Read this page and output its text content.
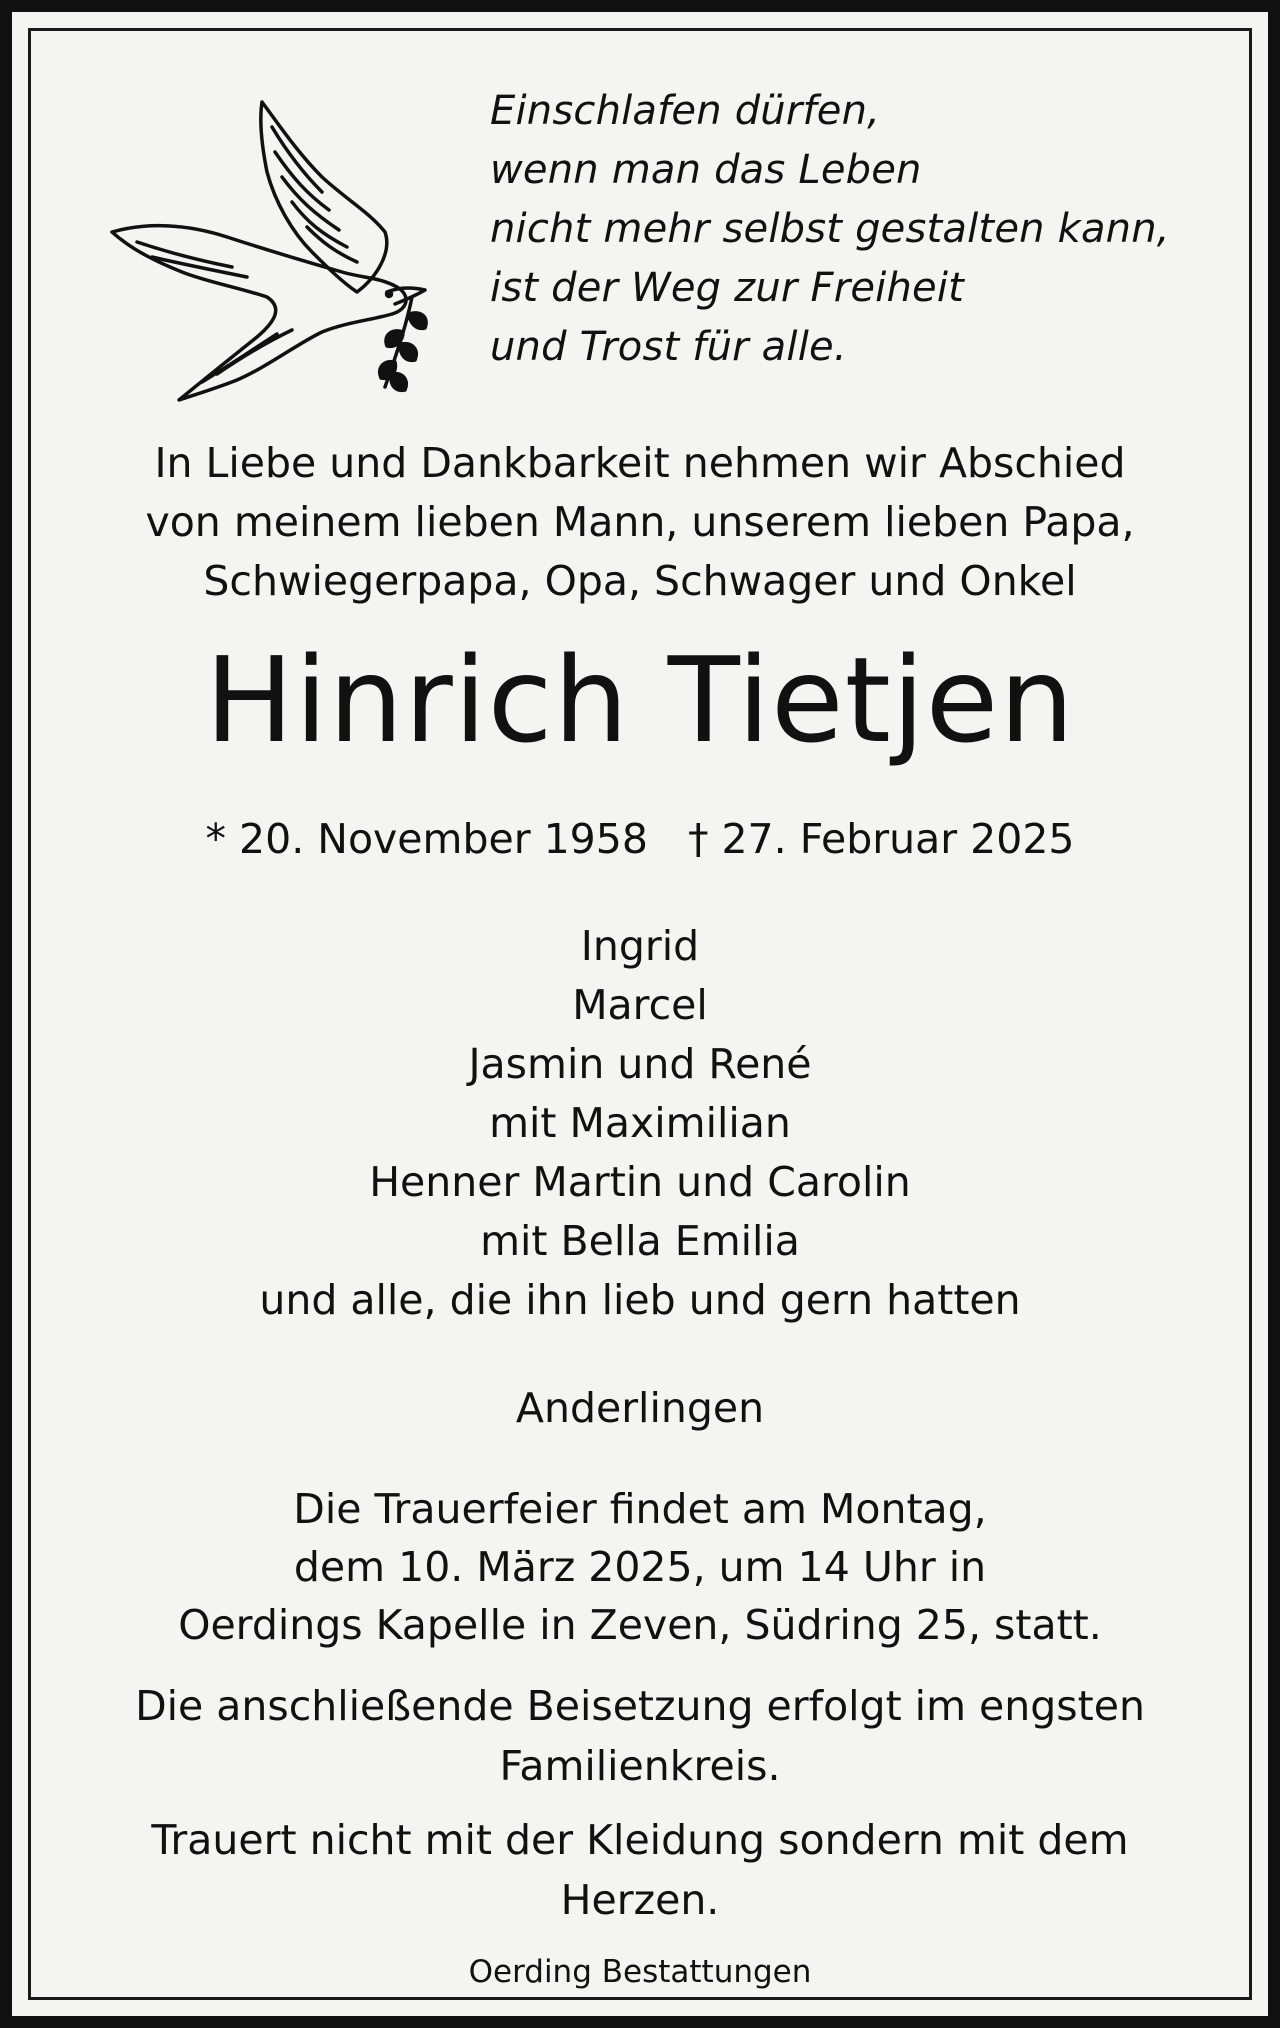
Einschlafen dürfen,
wenn man das Leben
nicht mehr selbst gestalten kann,
ist der Weg zur Freiheit
und Trost für alle.
In Liebe und Dankbarkeit nehmen wir Abschied
von meinem lieben Mann, unserem lieben Papa,
Schwiegerpapa, Opa, Schwager und Onkel
Hinrich Tietjen
* 20. November 1958 † 27. Februar 2025
Ingrid
Marcel
Jasmin und René
mit Maximilian
Henner Martin und Carolin
mit Bella Emilia
und alle, die ihn lieb und gern hatten
Anderlingen
Die Trauerfeier findet am Montag,
dem 10. März 2025, um 14 Uhr in
Oerdings Kapelle in Zeven, Südring 25, statt.
Die anschließende Beisetzung erfolgt im engsten
Familienkreis.
Trauert nicht mit der Kleidung sondern mit dem
Herzen.
Oerding Bestattungen
